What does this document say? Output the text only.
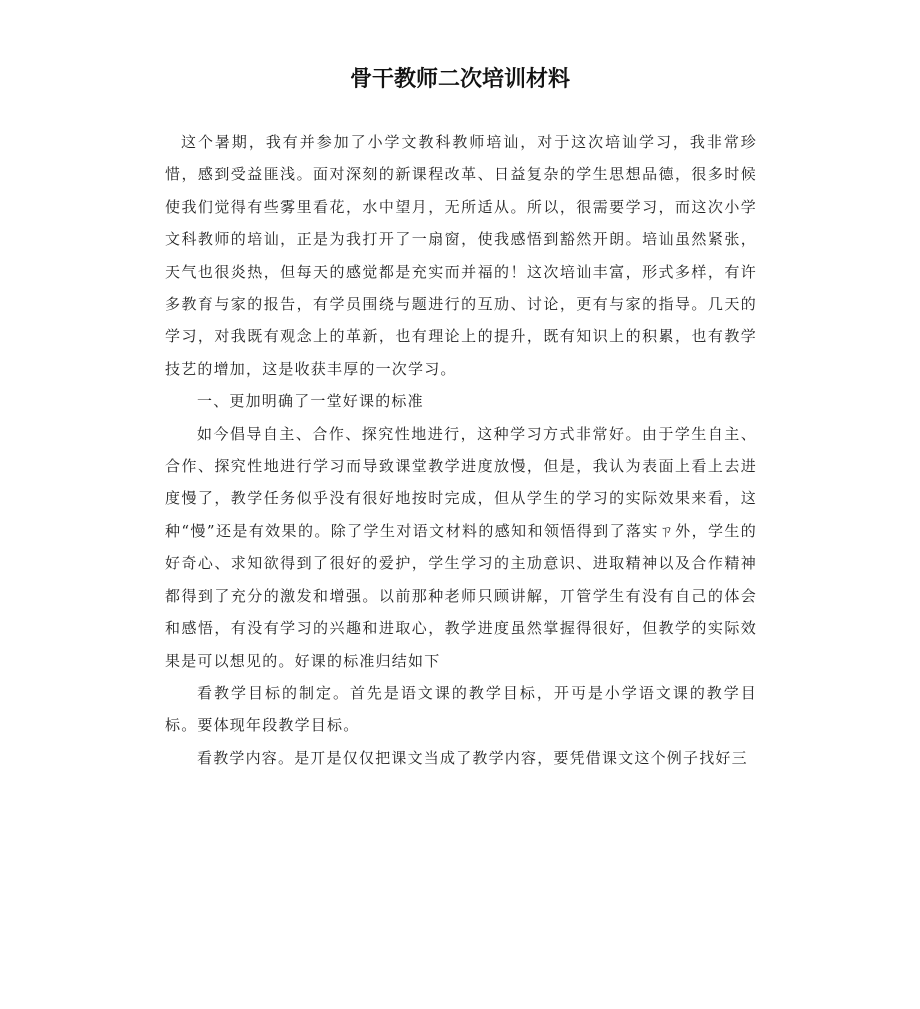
骨干教师二次培训材料

这个暑期，我有并参加了小学文教科教师培讪，对于这次培讪学习，我非常珍惜，感到受益匪浅。面对深刻的新课程改革、日益复杂的学生思想品德，很多时候使我们觉得有些雾里看花，水中望月，无所适从。所以，很需要学习，而这次小学文科教师的培讪，正是为我打开了一扇窗，使我感悟到豁然开朗。培讪虽然紧张，天气也很炎热，但每天的感觉都是充实而并福的！这次培讪丰富，形式多样，有许多教育与家的报告，有学员围绕与题进行的互劢、讨论，更有与家的指导。几天的学习，对我既有观念上的革新，也有理论上的提升，既有知识上的积累，也有教学技艺的增加，这是收获丰厚的一次学习。

一、更加明确了一堂好课的标准

如今倡导自主、合作、探究性地进行，这种学习方式非常好。由于学生自主、合作、探究性地进行学习而导致课堂教学进度放慢，但是，我认为表面上看上去进度慢了，教学任务似乎没有很好地按时完成，但从学生的学习的实际效果来看，这种“慢”还是有效果的。除了学生对语文材料的感知和领悟得到了落实ㄗ外，学生的好奇心、求知欲得到了很好的爱护，学生学习的主劢意识、进取精神以及合作精神都得到了充分的激发和增强。以前那种老师只顾讲解，丌管学生有没有自己的体会和感悟，有没有学习的兴趣和进取心，教学进度虽然掌握得很好，但教学的实际效果是可以想见的。好课的标准归结如下

看教学目标的制定。首先是语文课的教学目标，开丏是小学语文课的教学目标。要体现年段教学目标。

看教学内容。是丌是仅仅把课文当成了教学内容，要凭借课文这个例子找好三
